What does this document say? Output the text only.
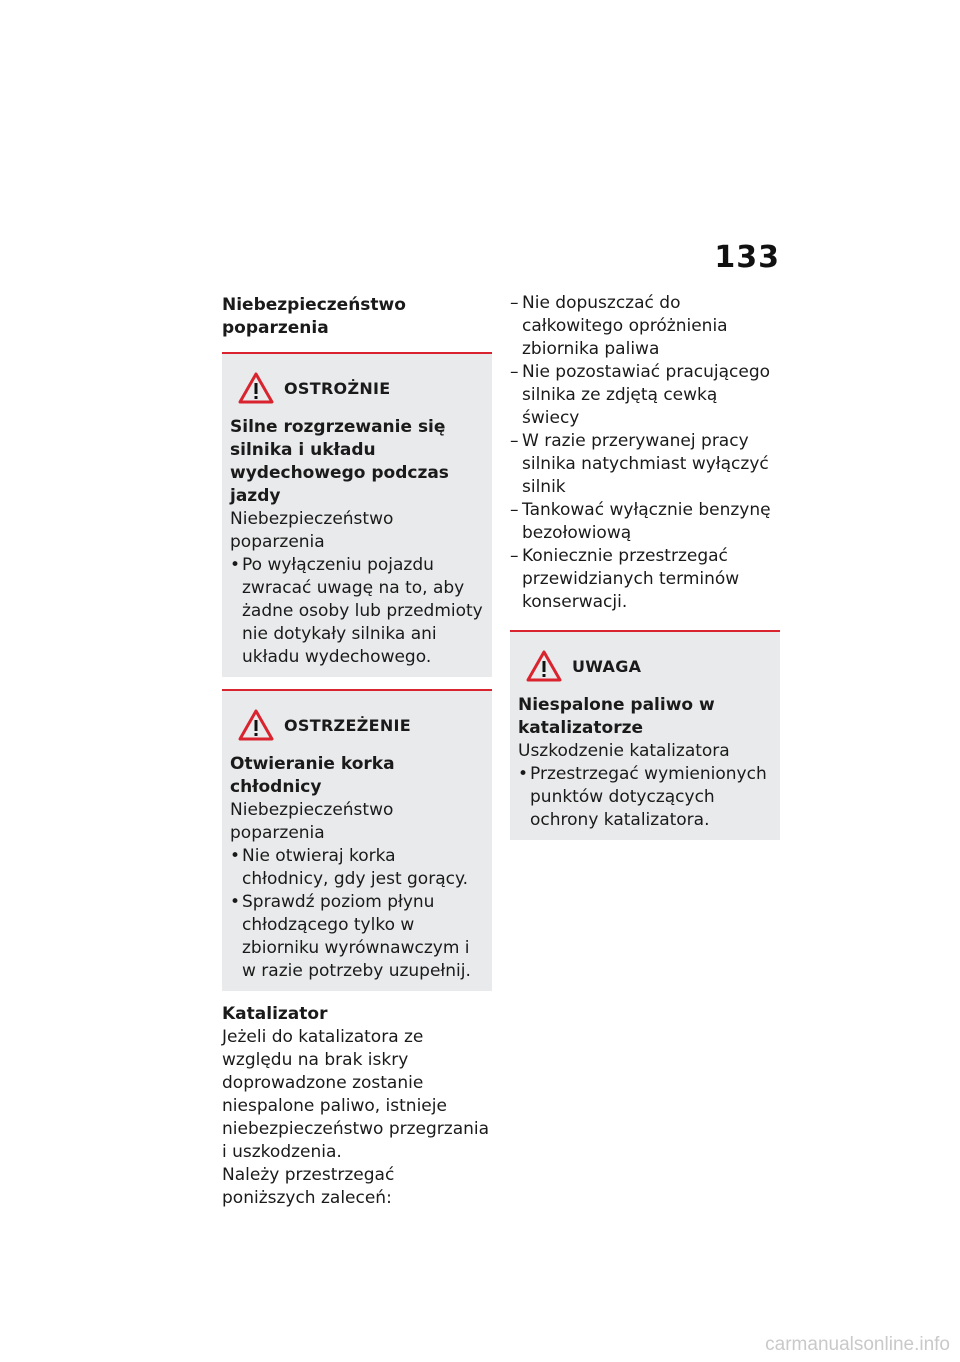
133
Niebezpieczeństwo poparzenia
OSTROŻNIE
Silne rozgrzewanie się silnika i układu wydechowego podczas jazdy
Niebezpieczeństwo poparzenia
• Po wyłączeniu pojazdu zwracać uwagę na to, aby żadne osoby lub przedmioty nie dotykały silnika ani układu wydechowego.
OSTRZEŻENIE
Otwieranie korka chłodnicy
Niebezpieczeństwo poparzenia
• Nie otwieraj korka chłodnicy, gdy jest gorący.
• Sprawdź poziom płynu chłodzącego tylko w zbiorniku wyrównawczym i w razie potrzeby uzupełnij.
Katalizator
Jeżeli do katalizatora ze względu na brak iskry doprowadzone zostanie niespalone paliwo, istnieje niebezpieczeństwo przegrzania i uszkodzenia.
Należy przestrzegać poniższych zaleceń:
– Nie dopuszczać do całkowitego opróżnienia zbiornika paliwa
– Nie pozostawiać pracującego silnika ze zdjętą cewką świecy
– W razie przerywanej pracy silnika natychmiast wyłączyć silnik
– Tankować wyłącznie benzynę bezołowiową
– Koniecznie przestrzegać przewidzianych terminów konserwacji.
UWAGA
Niespalone paliwo w katalizatorze
Uszkodzenie katalizatora
• Przestrzegać wymienionych punktów dotyczących ochrony katalizatora.
carmanualsonline.info
